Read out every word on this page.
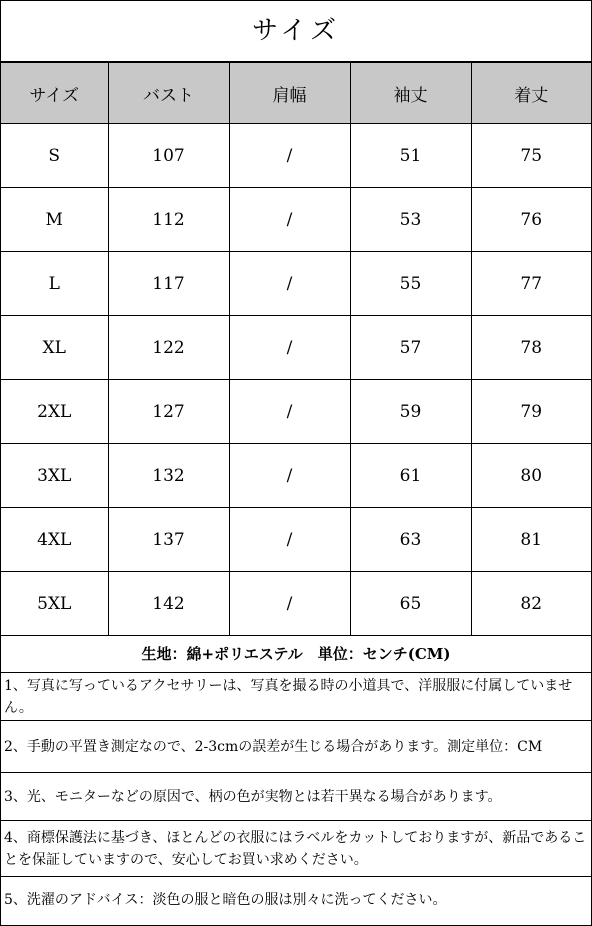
サイズ
サイズ	バスト	肩幅	袖丈	着丈
S	107	/	51	75
M	112	/	53	76
L	117	/	55	77
XL	122	/	57	78
2XL	127	/	59	79
3XL	132	/	61	80
4XL	137	/	63	81
5XL	142	/	65	82
生地：綿+ポリエステル　単位：センチ(CM)
1、写真に写っているアクセサリーは、写真を撮る時の小道具で、洋服服に付属していません。
2、手動の平置き測定なので、2-3cmの誤差が生じる場合があります。測定単位：CM
3、光、モニターなどの原因で、柄の色が実物とは若干異なる場合があります。
4、商標保護法に基づき、ほとんどの衣服にはラベルをカットしておりますが、新品であることを保証していますので、安心してお買い求めください。
5、洗濯のアドバイス：淡色の服と暗色の服は別々に洗ってください。
